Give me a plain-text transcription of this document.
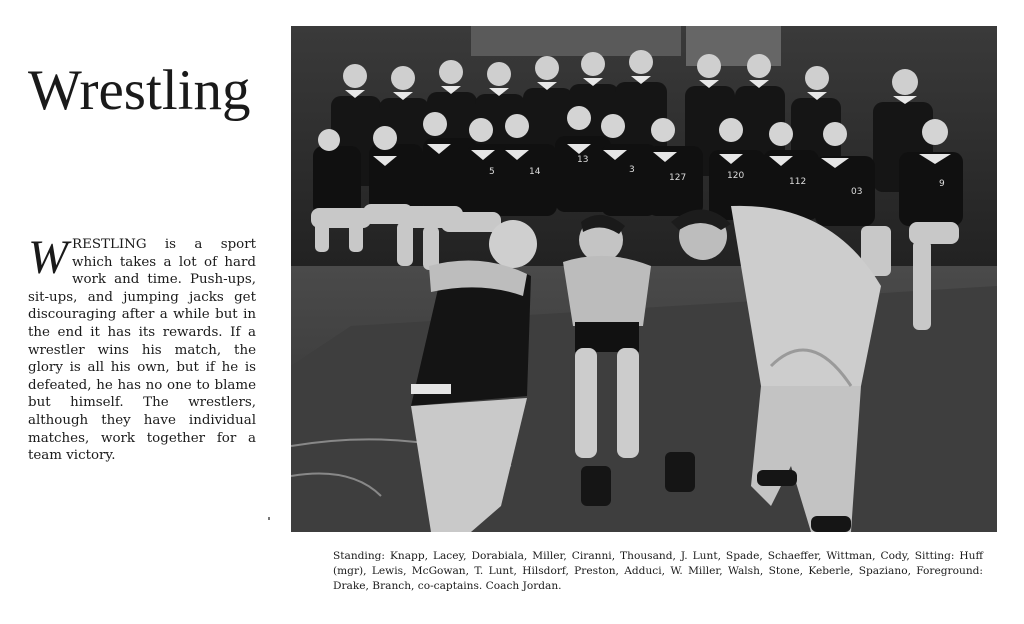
Wrestling

WRESTLING is a sport which takes a lot of hard work and time. Push-ups, sit-ups, and jumping jacks get discouraging after a while but in the end it has its rewards. If a wrestler wins his match, the glory is all his own, but if he is defeated, he has no one to blame but himself. The wrestlers, although they have individual matches, work together for a team victory.

5	14
13
3
127	120
112
03
9

Standing: Knapp, Lacey, Dorabiala, Miller, Ciranni, Thousand, J. Lunt, Spade, Schaeffer, Wittman, Cody, Sitting: Huff (mgr), Lewis, McGowan, T. Lunt, Hilsdorf, Preston, Adduci, W. Miller, Walsh, Stone, Keberle, Spaziano, Foreground: Drake, Branch, co-captains. Coach Jordan.
